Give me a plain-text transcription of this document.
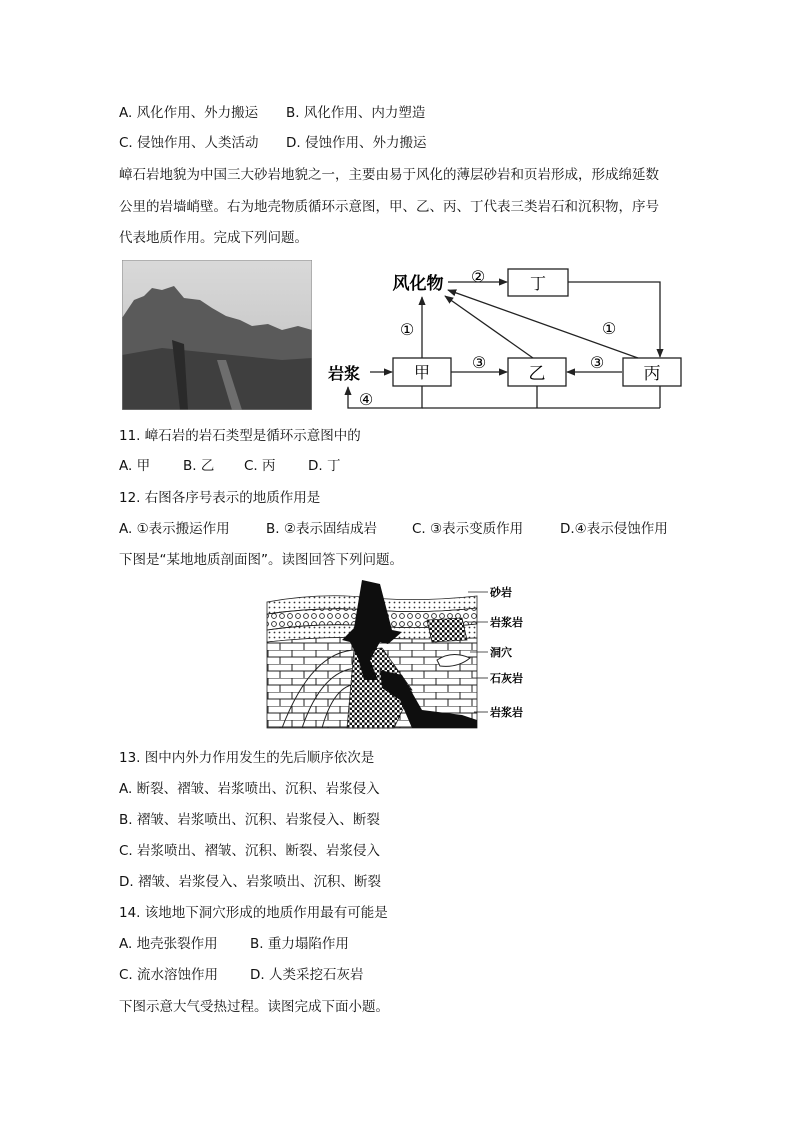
A. 风化作用、外力搬运 B. 风化作用、内力塑造
C. 侵蚀作用、人类活动 D. 侵蚀作用、外力搬运
嶂石岩地貌为中国三大砂岩地貌之一，主要由易于风化的薄层砂岩和页岩形成，形成绵延数
公里的岩墙峭壁。右为地壳物质循环示意图，甲、乙、丙、丁代表三类岩石和沉积物，序号
代表地质作用。完成下列问题。
风化物	丁
甲	乙	丙
岩浆
②
①	①
③	③
④
11. 嶂石岩的岩石类型是循环示意图中的
A. 甲 B. 乙 C. 丙 D. 丁
12. 右图各序号表示的地质作用是
A. ①表示搬运作用	B. ②表示固结成岩	C. ③表示变质作用	D.④表示侵蚀作用
下图是“某地地质剖面图”。读图回答下列问题。
砂岩
岩浆岩
洞穴
石灰岩
岩浆岩
13. 图中内外力作用发生的先后顺序依次是
A. 断裂、褶皱、岩浆喷出、沉积、岩浆侵入
B. 褶皱、岩浆喷出、沉积、岩浆侵入、断裂
C. 岩浆喷出、褶皱、沉积、断裂、岩浆侵入
D. 褶皱、岩浆侵入、岩浆喷出、沉积、断裂
14. 该地地下洞穴形成的地质作用最有可能是
A. 地壳张裂作用 B. 重力塌陷作用
C. 流水溶蚀作用 D. 人类采挖石灰岩
下图示意大气受热过程。读图完成下面小题。
